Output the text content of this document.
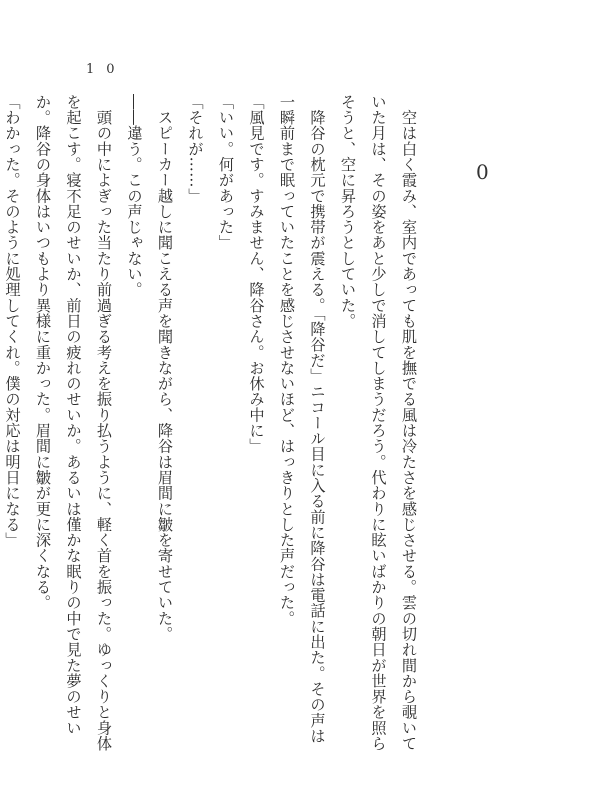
10
0

　空は白く霞み、室内であっても肌を撫でる風は冷たさを感じさせる。雲の切れ間から覗いていた月は、その姿をあと少しで消してしまうだろう。代わりに眩いばかりの朝日が世界を照らそうと、空に昇ろうとしていた。

　降谷の枕元で携帯が震える。「降谷だ」ニコール目に入る前に降谷は電話に出た。その声は一瞬前まで眠っていたことを感じさせないほど、はっきりとした声だった。

「風見です。すみません、降谷さん。お休み中に」

「いい。何があった」

「それが……」

　スピーカー越しに聞こえる声を聞きながら、降谷は眉間に皺を寄せていた。

――違う。この声じゃない。

　頭の中によぎった当たり前過ぎる考えを振り払うように、軽く首を振った。ゆっくりと身体を起こす。寝不足のせいか、前日の疲れのせいか。あるいは僅かな眠りの中で見た夢のせいか。降谷の身体はいつもより異様に重かった。眉間に皺が更に深くなる。

「わかった。そのように処理してくれ。僕の対応は明日になる」
